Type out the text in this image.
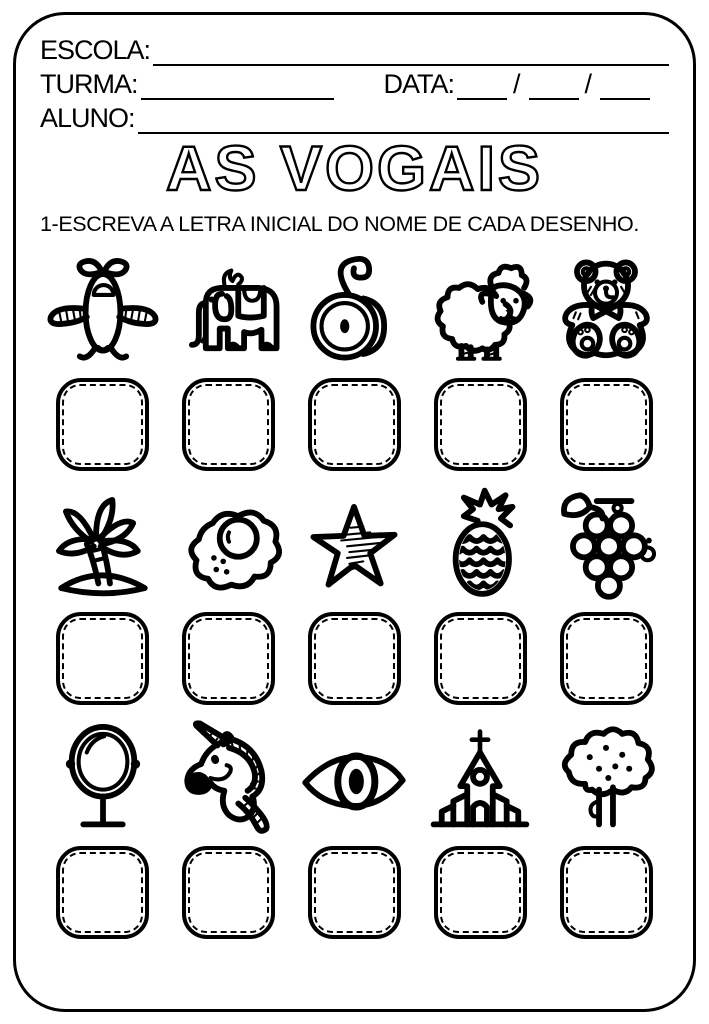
ESCOLA:
TURMA:	DATA: / /
ALUNO:
AS VOGAIS
1-ESCREVA A LETRA INICIAL DO NOME DE CADA DESENHO.
